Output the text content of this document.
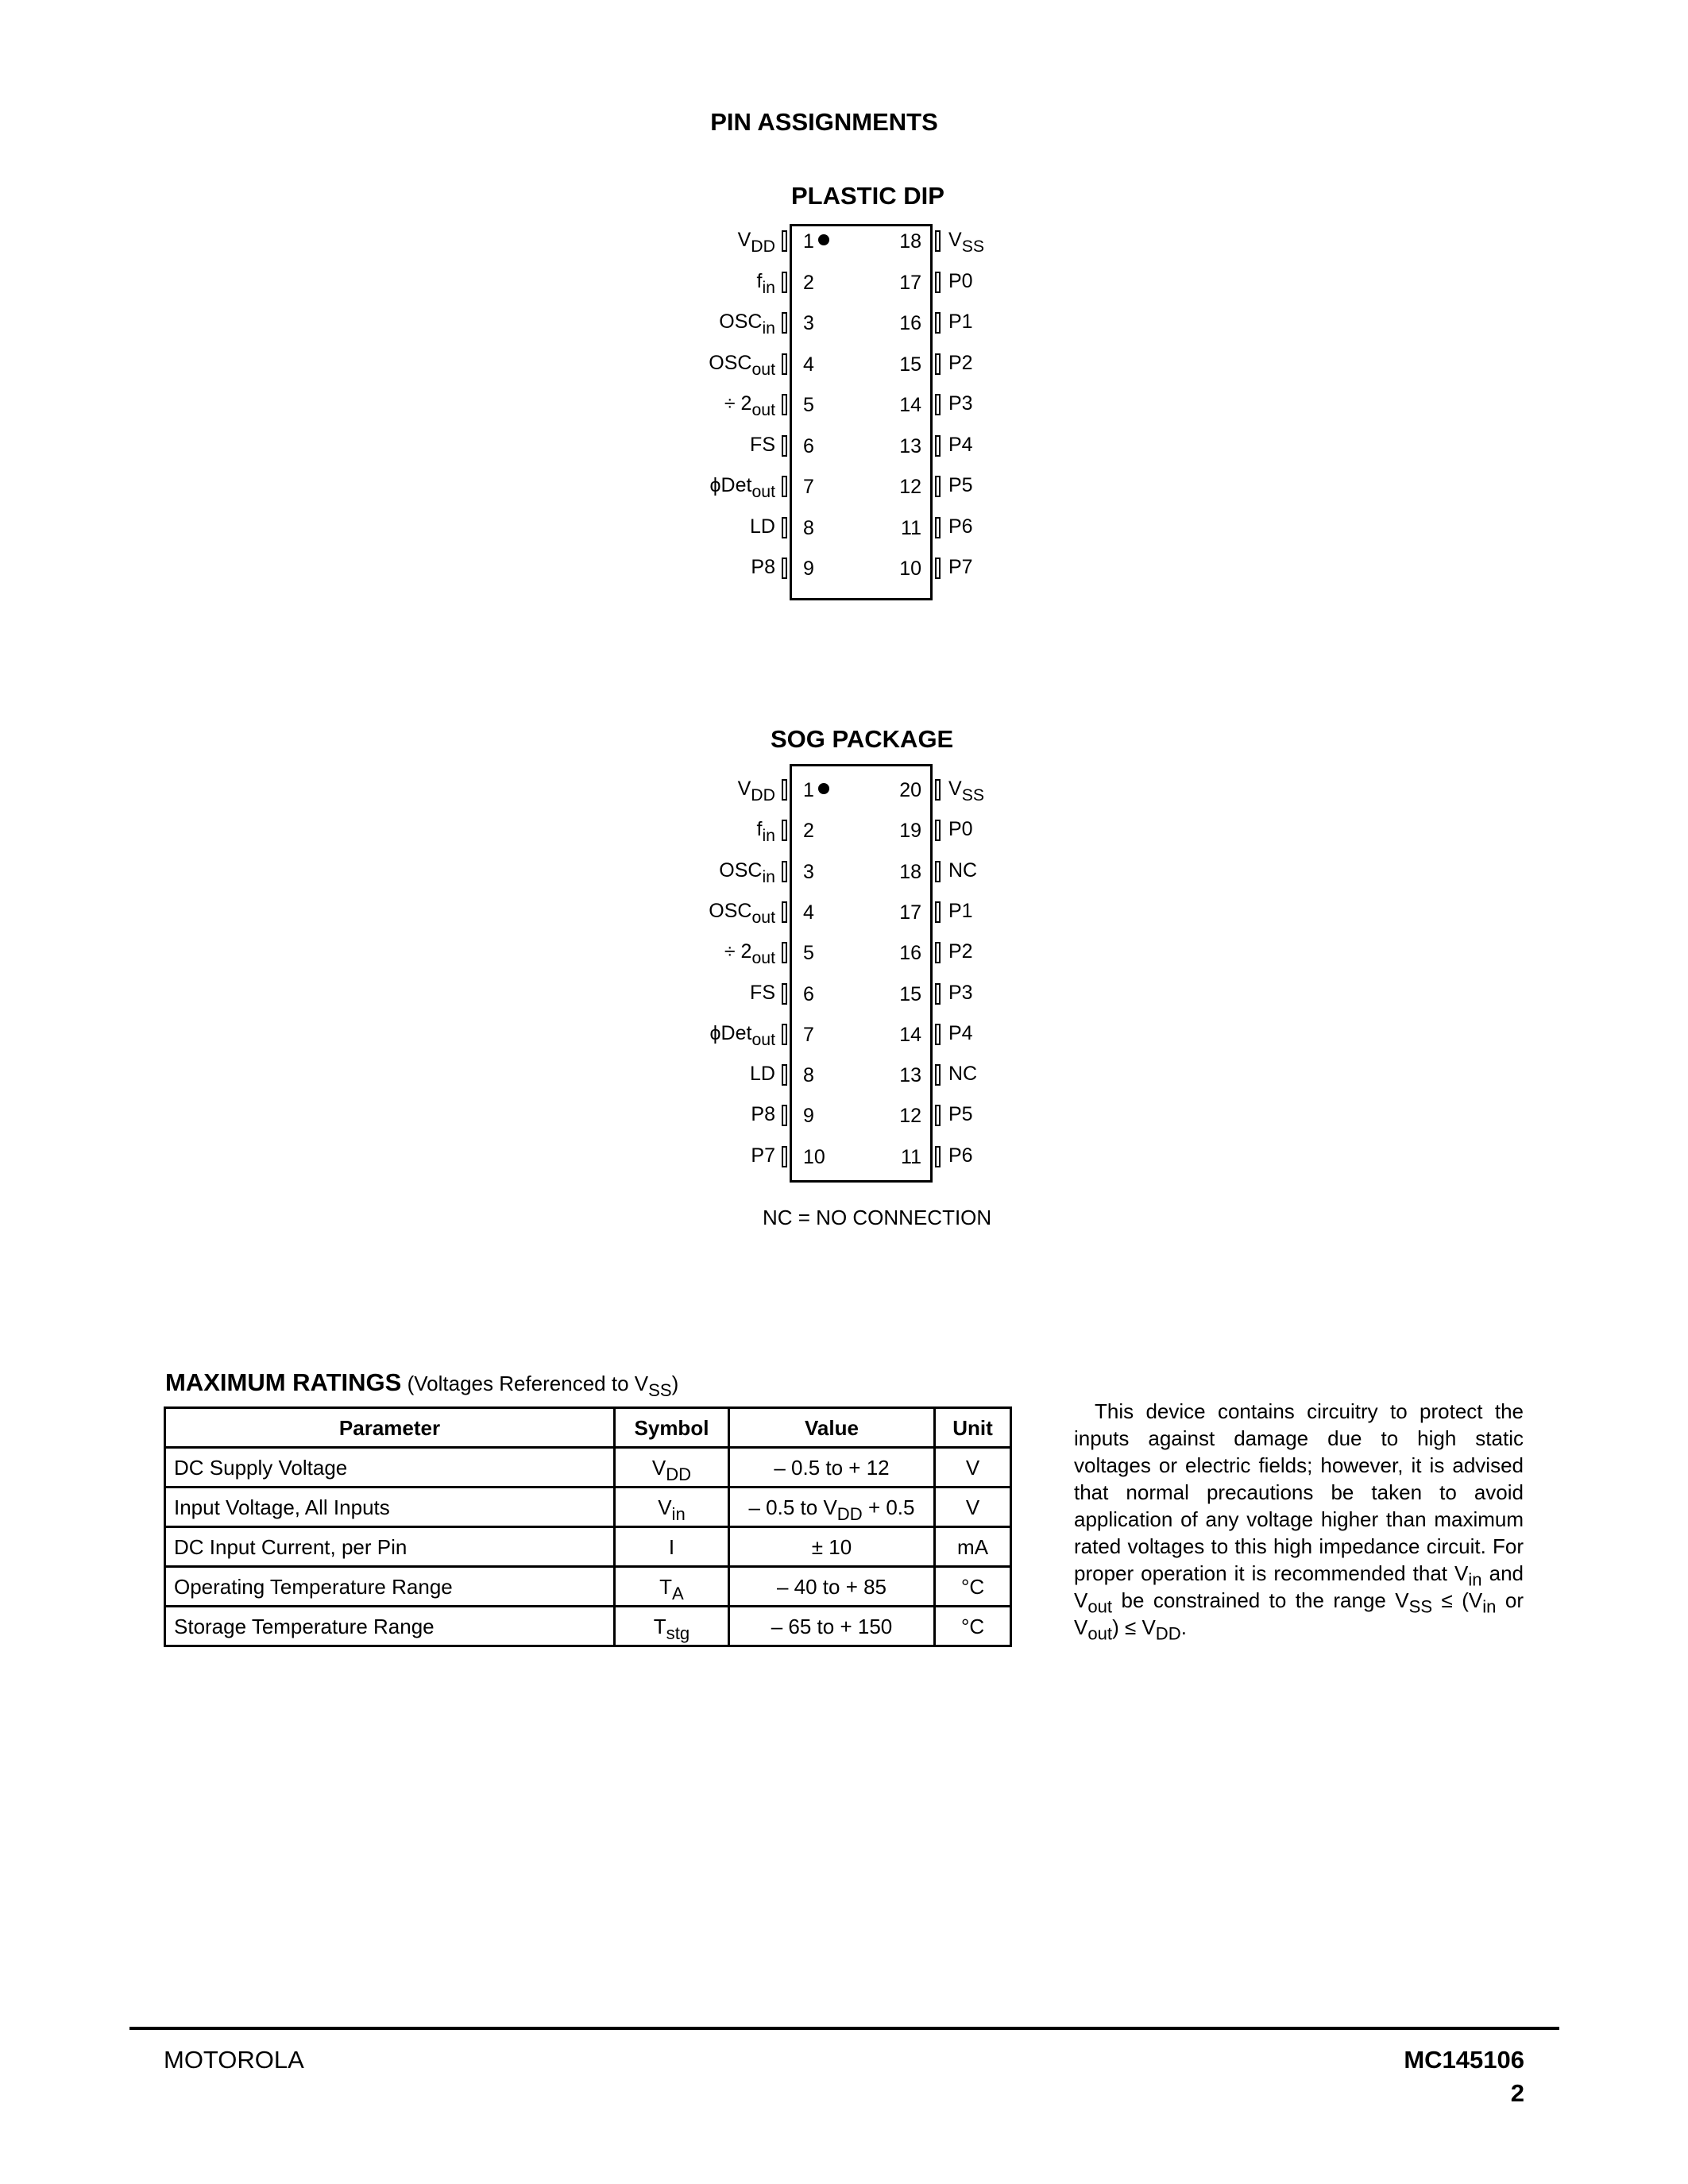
PIN ASSIGNMENTS
PLASTIC DIP
1
$V_{DD}$
2
$f_{in}$
3
$OSC_{in}$
4
$OSC_{out}$
5
÷ $2_{out}$
6
FS
7
ϕDet$_{out}$
8
LD
9
P8
18 $V_{SS}$
17 P0
16 P1
15 P2
14 P3
13 P4
12 P5
11 P6
10 P7
SOG PACKAGE
1
$V_{DD}$
2
$f_{in}$
3
$OSC_{in}$
4
$OSC_{out}$
5
÷ $2_{out}$
6
FS
7
ϕDet$_{out}$
8
LD
9
P8
10
P7
20 $V_{SS}$
19 P0
18 NC
17 P1
16 P2
15 P3
14 P4
13 NC
12 P5
11 P6
NC = NO CONNECTION
MAXIMUM RATINGS (Voltages Referenced to $V_{SS}$)
Parameter	Symbol	Value	Unit
DC Supply Voltage	$V_{DD}$	– 0.5 to + 12	V
Input Voltage, All Inputs	$V_{in}$	– 0.5 to $V_{DD} + 0.5$	V
DC Input Current, per Pin	I	± 10	mA
Operating Temperature Range	$T_A$	– 40 to + 85	°C
Storage Temperature Range	$T_{stg}$	– 65 to + 150	°C

This device contains circuitry to protect the inputs against damage due to high static voltages or electric fields; however, it is advised that normal precautions be taken to avoid application of any voltage higher than maximum rated voltages to this high impedance circuit. For proper operation it is recommended that $V_{in}$ and $V_{out}$ be constrained to the range $V_{SS} \le (V_{in}$ or $V_{out}) \le V_{DD}$.

MOTOROLA	MC145106
2
